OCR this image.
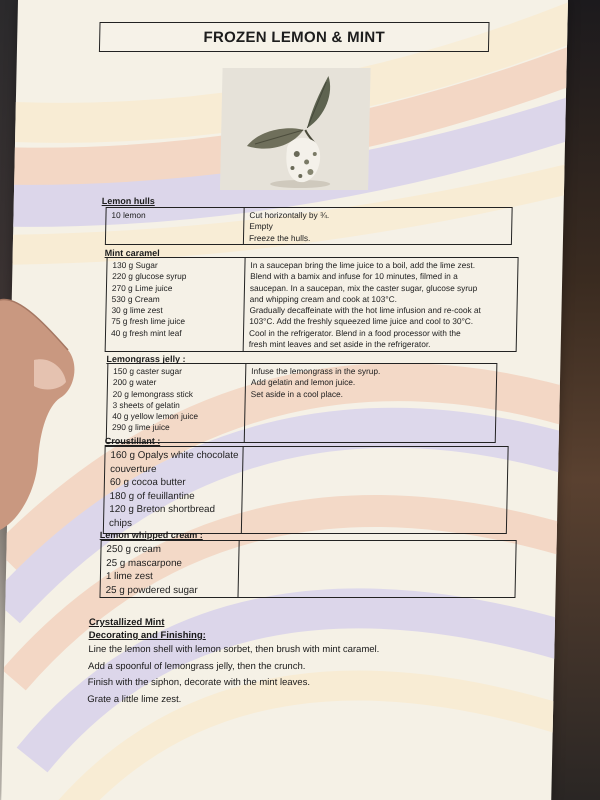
FROZEN LEMON & MINT
Lemon hulls
10 lemon	Cut horizontally by ¾.
Empty
Freeze the hulls.
Mint caramel
130 g Sugar
220 g glucose syrup
270 g Lime juice
530 g Cream
30 g lime zest
75 g fresh lime juice
40 g fresh mint leaf
In a saucepan bring the lime juice to a boil, add the lime zest.
Blend with a bamix and infuse for 10 minutes, filmed in a
saucepan. In a saucepan, mix the caster sugar, glucose syrup
and whipping cream and cook at 103°C.
Gradually decaffeinate with the hot lime infusion and re-cook at
103°C. Add the freshly squeezed lime juice and cool to 30°C.
Cool in the refrigerator. Blend in a food processor with the
fresh mint leaves and set aside in the refrigerator.
Lemongrass jelly :
150 g caster sugar
200 g water
20 g lemongrass stick
3 sheets of gelatin
40 g yellow lemon juice
290 g lime juice
Infuse the lemongrass in the syrup.
Add gelatin and lemon juice.
Set aside in a cool place.
Croustillant :
160 g Opalys white chocolate
couverture
60 g cocoa butter
180 g of feuillantine
120 g Breton shortbread
chips
Lemon whipped cream :
250 g cream
25 g mascarpone
1 lime zest
25 g powdered sugar
Crystallized Mint
Decorating and Finishing:
Line the lemon shell with lemon sorbet, then brush with mint caramel.
Add a spoonful of lemongrass jelly, then the crunch.
Finish with the siphon, decorate with the mint leaves.
Grate a little lime zest.
